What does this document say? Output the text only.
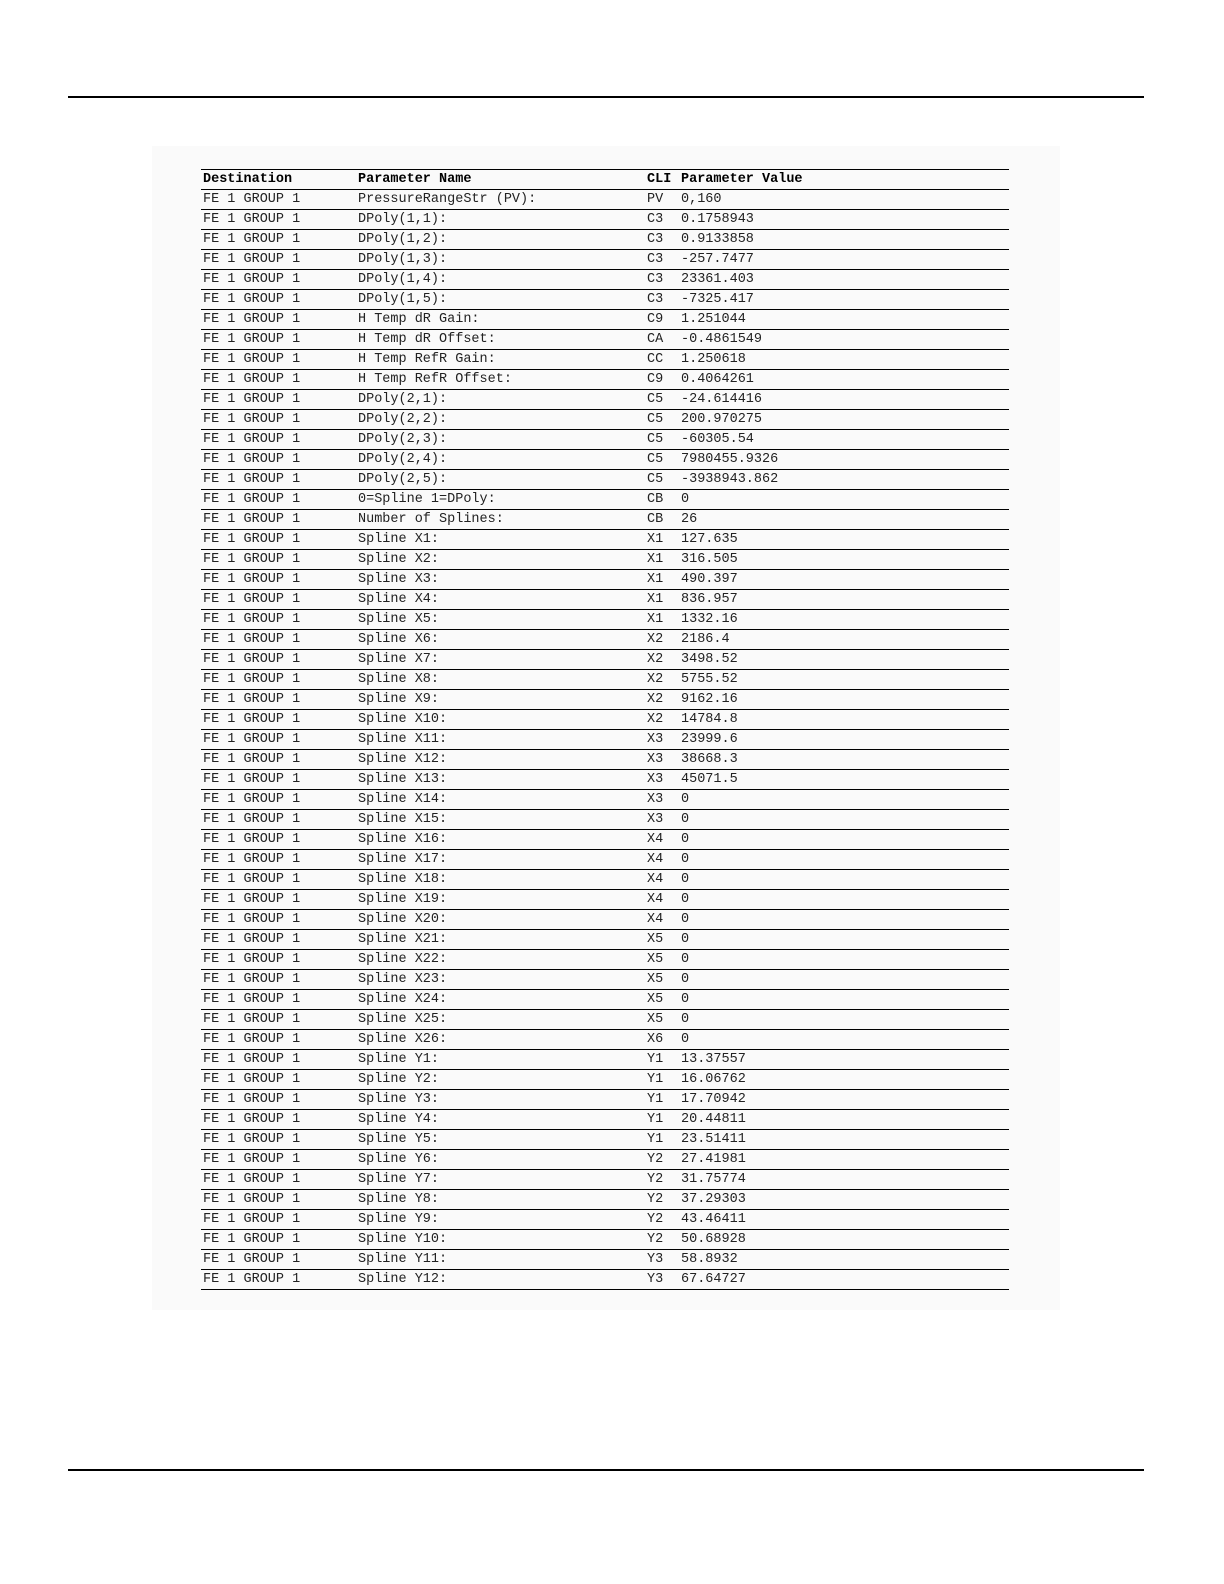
Destination	Parameter Name	CLI	Parameter Value
FE 1 GROUP 1	PressureRangeStr (PV):	PV	0,160
FE 1 GROUP 1	DPoly(1,1):	C3	0.1758943
FE 1 GROUP 1	DPoly(1,2):	C3	0.9133858
FE 1 GROUP 1	DPoly(1,3):	C3	-257.7477
FE 1 GROUP 1	DPoly(1,4):	C3	23361.403
FE 1 GROUP 1	DPoly(1,5):	C3	-7325.417
FE 1 GROUP 1	H Temp dR Gain:	C9	1.251044
FE 1 GROUP 1	H Temp dR Offset:	CA	-0.4861549
FE 1 GROUP 1	H Temp RefR Gain:	CC	1.250618
FE 1 GROUP 1	H Temp RefR Offset:	C9	0.4064261
FE 1 GROUP 1	DPoly(2,1):	C5	-24.614416
FE 1 GROUP 1	DPoly(2,2):	C5	200.970275
FE 1 GROUP 1	DPoly(2,3):	C5	-60305.54
FE 1 GROUP 1	DPoly(2,4):	C5	7980455.9326
FE 1 GROUP 1	DPoly(2,5):	C5	-3938943.862
FE 1 GROUP 1	0=Spline 1=DPoly:	CB	0
FE 1 GROUP 1	Number of Splines:	CB	26
FE 1 GROUP 1	Spline X1:	X1	127.635
FE 1 GROUP 1	Spline X2:	X1	316.505
FE 1 GROUP 1	Spline X3:	X1	490.397
FE 1 GROUP 1	Spline X4:	X1	836.957
FE 1 GROUP 1	Spline X5:	X1	1332.16
FE 1 GROUP 1	Spline X6:	X2	2186.4
FE 1 GROUP 1	Spline X7:	X2	3498.52
FE 1 GROUP 1	Spline X8:	X2	5755.52
FE 1 GROUP 1	Spline X9:	X2	9162.16
FE 1 GROUP 1	Spline X10:	X2	14784.8
FE 1 GROUP 1	Spline X11:	X3	23999.6
FE 1 GROUP 1	Spline X12:	X3	38668.3
FE 1 GROUP 1	Spline X13:	X3	45071.5
FE 1 GROUP 1	Spline X14:	X3	0
FE 1 GROUP 1	Spline X15:	X3	0
FE 1 GROUP 1	Spline X16:	X4	0
FE 1 GROUP 1	Spline X17:	X4	0
FE 1 GROUP 1	Spline X18:	X4	0
FE 1 GROUP 1	Spline X19:	X4	0
FE 1 GROUP 1	Spline X20:	X4	0
FE 1 GROUP 1	Spline X21:	X5	0
FE 1 GROUP 1	Spline X22:	X5	0
FE 1 GROUP 1	Spline X23:	X5	0
FE 1 GROUP 1	Spline X24:	X5	0
FE 1 GROUP 1	Spline X25:	X5	0
FE 1 GROUP 1	Spline X26:	X6	0
FE 1 GROUP 1	Spline Y1:	Y1	13.37557
FE 1 GROUP 1	Spline Y2:	Y1	16.06762
FE 1 GROUP 1	Spline Y3:	Y1	17.70942
FE 1 GROUP 1	Spline Y4:	Y1	20.44811
FE 1 GROUP 1	Spline Y5:	Y1	23.51411
FE 1 GROUP 1	Spline Y6:	Y2	27.41981
FE 1 GROUP 1	Spline Y7:	Y2	31.75774
FE 1 GROUP 1	Spline Y8:	Y2	37.29303
FE 1 GROUP 1	Spline Y9:	Y2	43.46411
FE 1 GROUP 1	Spline Y10:	Y2	50.68928
FE 1 GROUP 1	Spline Y11:	Y3	58.8932
FE 1 GROUP 1	Spline Y12:	Y3	67.64727
